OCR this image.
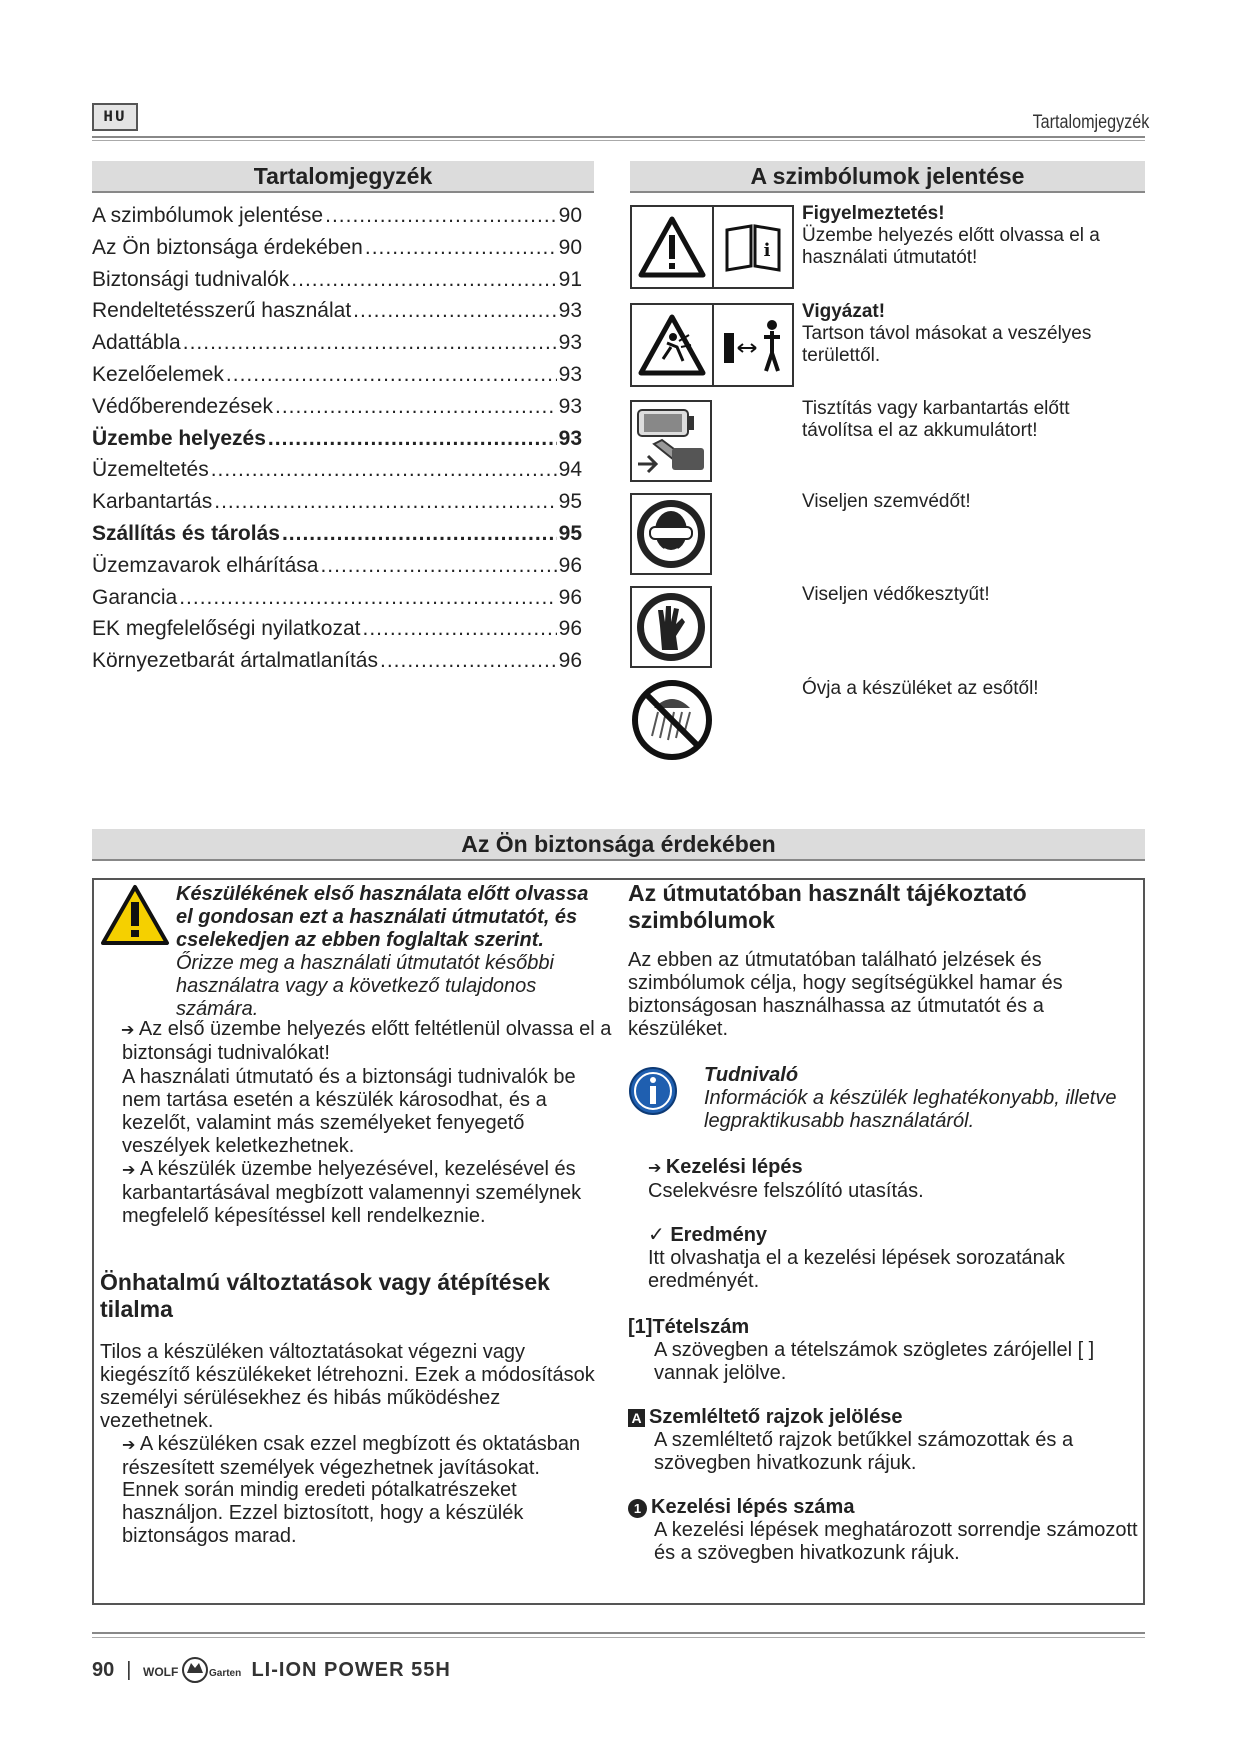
HU	Tartalomjegyzék
Tartalomjegyzék
A szimbólumok jelentése .....	90
Az Ön biztonsága érdekében .....	90
Biztonsági tudnivalók .....	91
Rendeltetésszerű használat .....	93
Adattábla .....	93
Kezelőelemek .....	93
Védőberendezések .....	93
Üzembe helyezés .....	93
Üzemeltetés .....	94
Karbantartás .....	95
Szállítás és tárolás .....	95
Üzemzavarok elhárítása .....	96
Garancia .....	96
EK megfelelőségi nyilatkozat .....	96
Környezetbarát ártalmatlanítás .....	96
A szimbólumok jelentése
i
Figyelmeztetés!
Üzembe helyezés előtt olvassa el a használati útmutatót!
Vigyázat!
Tartson távol másokat a veszélyes területtől.
Tisztítás vagy karbantartás előtt távolítsa el az akkumulátort!
Viseljen szemvédőt!
Viseljen védőkesztyűt!
Óvja a készüléket az esőtől!
Az Ön biztonsága érdekében
Készülékének első használata előtt olvassa el gondosan ezt a használati útmutatót, és cselekedjen az ebben foglaltak szerint. Őrizze meg a használati útmutatót későbbi használatra vagy a következő tulajdonos számára.
➔ Az első üzembe helyezés előtt feltétlenül olvassa el a biztonsági tudnivalókat!
A használati útmutató és a biztonsági tudnivalók be nem tartása esetén a készülék károsodhat, és a kezelőt, valamint más személyeket fenyegető veszélyek keletkezhetnek.
➔ A készülék üzembe helyezésével, kezelésével és karbantartásával megbízott valamennyi személynek megfelelő képesítéssel kell rendelkeznie.
Önhatalmú változtatások vagy átépítések tilalma
Tilos a készüléken változtatásokat végezni vagy kiegészítő készülékeket létrehozni. Ezek a módosítások személyi sérülésekhez és hibás működéshez vezethetnek.
➔ A készüléken csak ezzel megbízott és oktatásban részesített személyek végezhetnek javításokat.
Ennek során mindig eredeti pótalkatrészeket használjon. Ezzel biztosított, hogy a készülék biztonságos marad.
Az útmutatóban használt tájékoztató szimbólumok
Az ebben az útmutatóban található jelzések és szimbólumok célja, hogy segítségükkel hamar és biztonságosan használhassa az útmutatót és a készüléket.
Tudnivaló
Információk a készülék leghatékonyabb, illetve legpraktikusabb használatáról.
➔ Kezelési lépés
Cselekvésre felszólító utasítás.
✓ Eredmény
Itt olvashatja el a kezelési lépések sorozatának eredményét.
[1]Tételszám
A szövegben a tételszámok szögletes zárójellel [ ] vannak jelölve.
A Szemléltető rajzok jelölése
A szemléltető rajzok betűkkel számozottak és a szövegben hivatkozunk rájuk.
1 Kezelési lépés száma
A kezelési lépések meghatározott sorrendje számozott és a szövegben hivatkozunk rájuk.
90 | WOLF	Garten LI-ION POWER 55H
